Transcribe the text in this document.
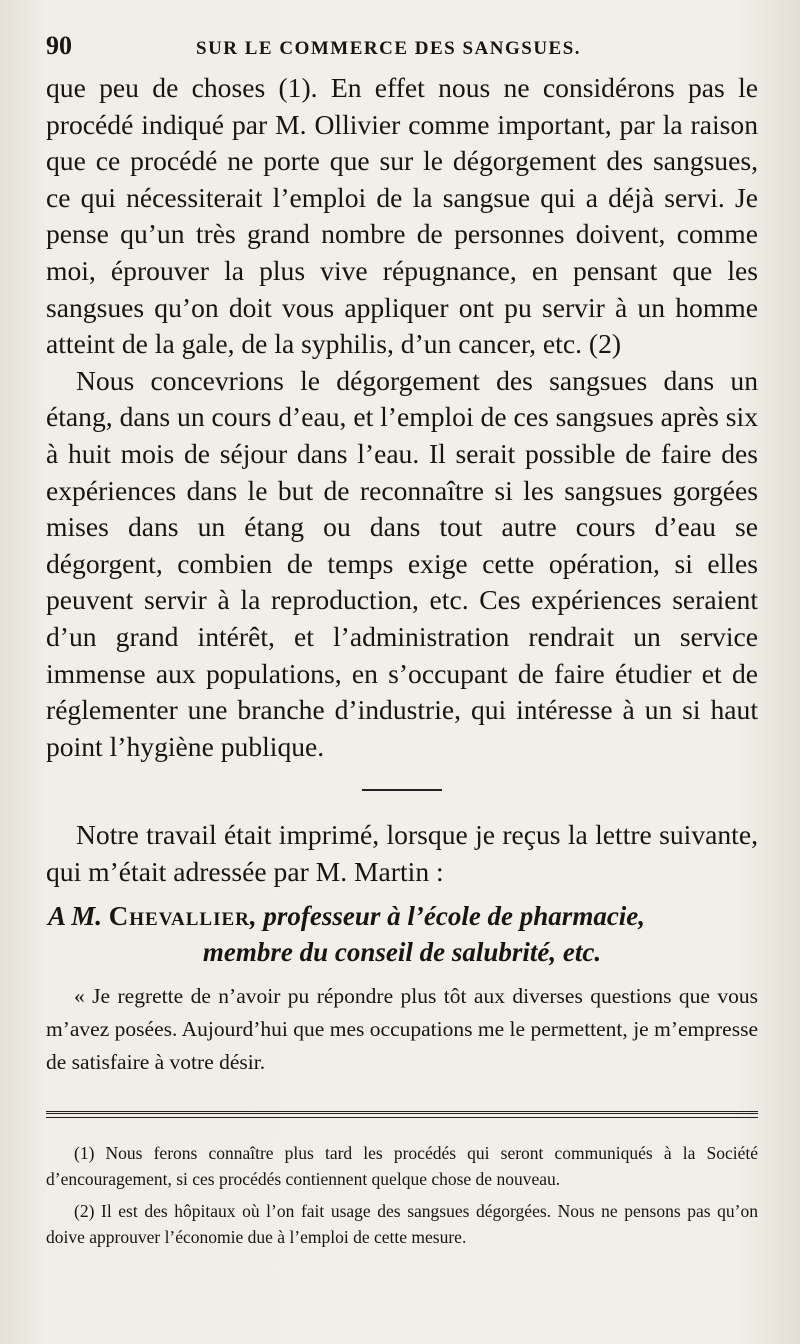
90	SUR LE COMMERCE DES SANGSUES.

que peu de choses (1). En effet nous ne considérons pas le procédé indiqué par M. Ollivier comme important, par la raison que ce procédé ne porte que sur le dégorgement des sangsues, ce qui nécessiterait l’emploi de la sangsue qui a déjà servi. Je pense qu’un très grand nombre de personnes doivent, comme moi, éprouver la plus vive répugnance, en pensant que les sangsues qu’on doit vous appliquer ont pu servir à un homme atteint de la gale, de la syphilis, d’un cancer, etc. (2)

Nous concevrions le dégorgement des sangsues dans un étang, dans un cours d’eau, et l’emploi de ces sangsues après six à huit mois de séjour dans l’eau. Il serait possible de faire des expériences dans le but de reconnaître si les sangsues gorgées mises dans un étang ou dans tout autre cours d’eau se dégorgent, combien de temps exige cette opération, si elles peuvent servir à la reproduction, etc. Ces expériences seraient d’un grand intérêt, et l’administration rendrait un service immense aux populations, en s’occupant de faire étudier et de réglementer une branche d’industrie, qui intéresse à un si haut point l’hygiène publique.

Notre travail était imprimé, lorsque je reçus la lettre suivante, qui m’était adressée par M. Martin :

A M. Chevallier, professeur à l’école de pharmacie,
membre du conseil de salubrité, etc.

« Je regrette de n’avoir pu répondre plus tôt aux diverses questions que vous m’avez posées. Aujourd’hui que mes occupations me le permettent, je m’empresse de satisfaire à votre désir.

(1) Nous ferons connaître plus tard les procédés qui seront communiqués à la Société d’encouragement, si ces procédés contiennent quelque chose de nouveau.

(2) Il est des hôpitaux où l’on fait usage des sangsues dégorgées. Nous ne pensons pas qu’on doive approuver l’économie due à l’emploi de cette mesure.
